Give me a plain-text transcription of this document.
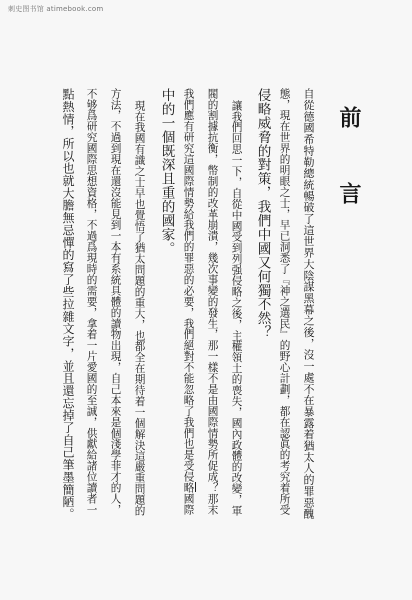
刺史图书馆 atimebook.com
前 言
自從德國希特勒總統暢破了這世界大陰謀黑幕之後，沒一處不在暴露着猶太人的罪惡醜
態，現在世界的明眼之士，早已洞悉了『神之選民』的野心計劃，都在認眞的考究着所受
侵略威脅的對策，我們中國又何獨不然？
讓我們回思一下，自從中國受到列强侵略之後，主權領土的喪失，國內政體的改變，軍
閥的割據抗衡，幣制的改革崩潰，幾次事變的發生，那一樣不是由國際情勢所促成？那末
我們應有研究這國際情勢給我們的罪惡的必要，我們絕對不能忽略了我們也是受侵略國際
中的一個既深且重的國家。
現在我國有識之士早也覺悟了猶太問題的重大，也都全在期待着一個解決這嚴重問題的
方法，不過到現在還沒能見到一本有系統具體的讀物出現，自己本來是個淺學菲才的人，
不够爲研究國際思想資格，不過爲現時的需要，拿着一片愛國的至誠，供獻給諸位讀者一
點熱情，所以也就大膽無忌憚的寫了些拉雜文字，並且還忘掉了自己筆墨簡陋。
